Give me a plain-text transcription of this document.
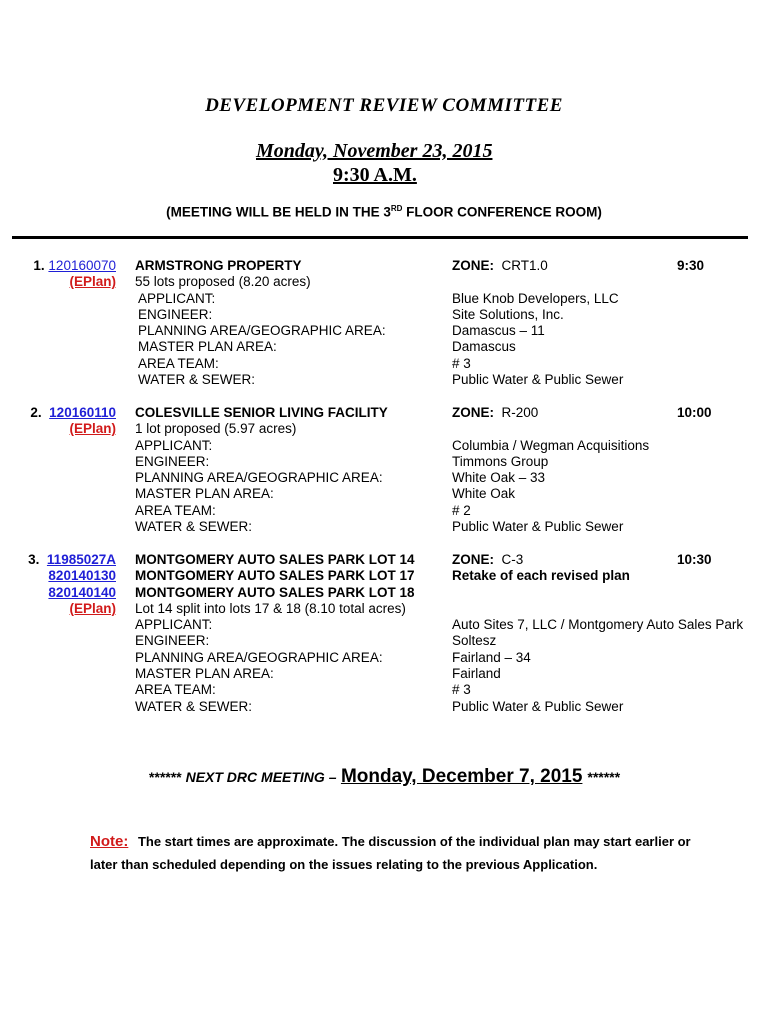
DEVELOPMENT REVIEW COMMITTEE
Monday, November 23, 2015
9:30 A.M.
(MEETING WILL BE HELD IN THE 3RD FLOOR CONFERENCE ROOM)
1. 120160070
(EPlan)
ARMSTRONG PROPERTY
55 lots proposed (8.20 acres)
APPLICANT:
ENGINEER:
PLANNING AREA/GEOGRAPHIC AREA:
MASTER PLAN AREA:
AREA TEAM:
WATER & SEWER:
ZONE: CRT1.0
Blue Knob Developers, LLC
Site Solutions, Inc.
Damascus – 11
Damascus
# 3
Public Water & Public Sewer
9:30
2. 120160110
(EPlan)
COLESVILLE SENIOR LIVING FACILITY
1 lot proposed (5.97 acres)
APPLICANT:
ENGINEER:
PLANNING AREA/GEOGRAPHIC AREA:
MASTER PLAN AREA:
AREA TEAM:
WATER & SEWER:
ZONE: R-200
Columbia / Wegman Acquisitions
Timmons Group
White Oak – 33
White Oak
# 2
Public Water & Public Sewer
10:00
3. 11985027A
820140130
820140140
(EPlan)
MONTGOMERY AUTO SALES PARK LOT 14
MONTGOMERY AUTO SALES PARK LOT 17
MONTGOMERY AUTO SALES PARK LOT 18
Lot 14 split into lots 17 & 18 (8.10 total acres)
APPLICANT:
ENGINEER:
PLANNING AREA/GEOGRAPHIC AREA:
MASTER PLAN AREA:
AREA TEAM:
WATER & SEWER:
ZONE: C-3
Retake of each revised plan
Auto Sites 7, LLC / Montgomery Auto Sales Park
Soltesz
Fairland – 34
Fairland
# 3
Public Water & Public Sewer
10:30
****** NEXT DRC MEETING – Monday, December 7, 2015 ******
Note: The start times are approximate. The discussion of the individual plan may start earlier or later than scheduled depending on the issues relating to the previous Application.
